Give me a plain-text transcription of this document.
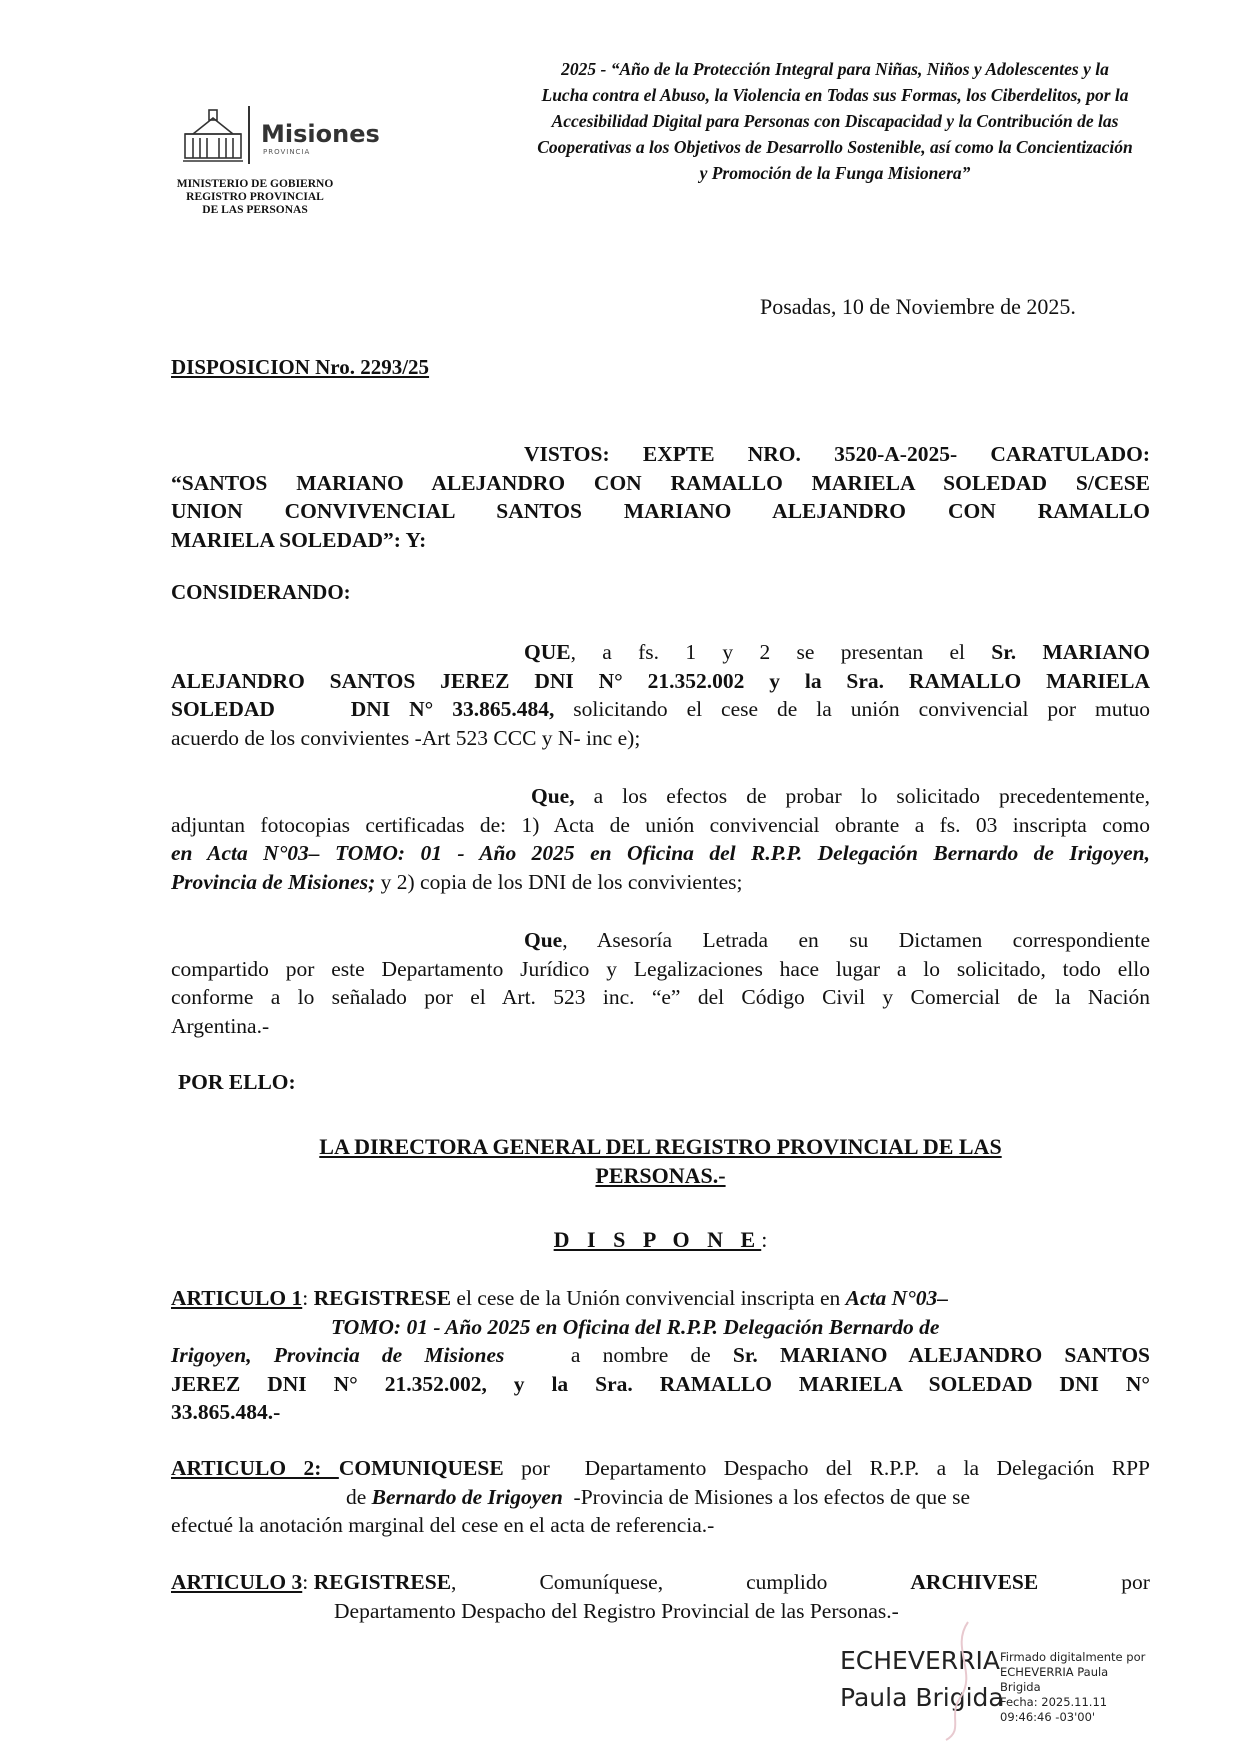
Misiones
PROVINCIA
MINISTERIO DE GOBIERNO
REGISTRO PROVINCIAL
DE LAS PERSONAS
2025 - “Año de la Protección Integral para Niñas, Niños y Adolescentes y la
Lucha contra el Abuso, la Violencia en Todas sus Formas, los Ciberdelitos, por la
Accesibilidad Digital para Personas con Discapacidad y la Contribución de las
Cooperativas a los Objetivos de Desarrollo Sostenible, así como la Concientización
y Promoción de la Funga Misionera”
Posadas, 10 de Noviembre de 2025.
DISPOSICION Nro. 2293/25
VISTOS: EXPTE NRO. 3520-A-2025- CARATULADO:
“SANTOS MARIANO ALEJANDRO CON RAMALLO MARIELA SOLEDAD S/CESE
UNION CONVIVENCIAL SANTOS MARIANO ALEJANDRO CON RAMALLO
MARIELA SOLEDAD”: Y:
CONSIDERANDO:
QUE, a fs. 1 y 2 se presentan el Sr. MARIANO
ALEJANDRO SANTOS JEREZ DNI N° 21.352.002 y la Sra. RAMALLO MARIELA
SOLEDAD    DNI N° 33.865.484, solicitando el cese de la unión convivencial por mutuo
acuerdo de los convivientes -Art 523 CCC y N- inc e);
Que, a los efectos de probar lo solicitado precedentemente,
adjuntan fotocopias certificadas de: 1) Acta de unión convivencial obrante a fs. 03 inscripta como
en Acta N°03– TOMO: 01 - Año 2025 en Oficina del R.P.P. Delegación Bernardo de Irigoyen,
Provincia de Misiones; y 2) copia de los DNI de los convivientes;
Que, Asesoría Letrada en su Dictamen correspondiente
compartido por este Departamento Jurídico y Legalizaciones hace lugar a lo solicitado, todo ello
conforme a lo señalado por el Art. 523 inc. “e” del Código Civil y Comercial de la Nación
Argentina.-
POR ELLO:
LA DIRECTORA GENERAL DEL REGISTRO PROVINCIAL DE LAS
PERSONAS.-
D I S P O N E:
ARTICULO 1: REGISTRESE el cese de la Unión convivencial inscripta en Acta N°03–
TOMO: 01 - Año 2025 en Oficina del R.P.P. Delegación Bernardo de
Irigoyen, Provincia de Misiones   a nombre de Sr. MARIANO ALEJANDRO SANTOS
JEREZ DNI N° 21.352.002, y la Sra. RAMALLO MARIELA SOLEDAD DNI N°
33.865.484.-
ARTICULO 2: COMUNIQUESE por  Departamento Despacho del R.P.P. a la Delegación RPP
de Bernardo de Irigoyen  -Provincia de Misiones a los efectos de que se
efectué la anotación marginal del cese en el acta de referencia.-
ARTICULO 3: REGISTRESE,	Comuníquese,	cumplido	ARCHIVESE	por
Departamento Despacho del Registro Provincial de las Personas.-
ECHEVERRIA
Paula Brigida
Firmado digitalmente por
ECHEVERRIA Paula
Brigida
Fecha: 2025.11.11
09:46:46 -03'00'
